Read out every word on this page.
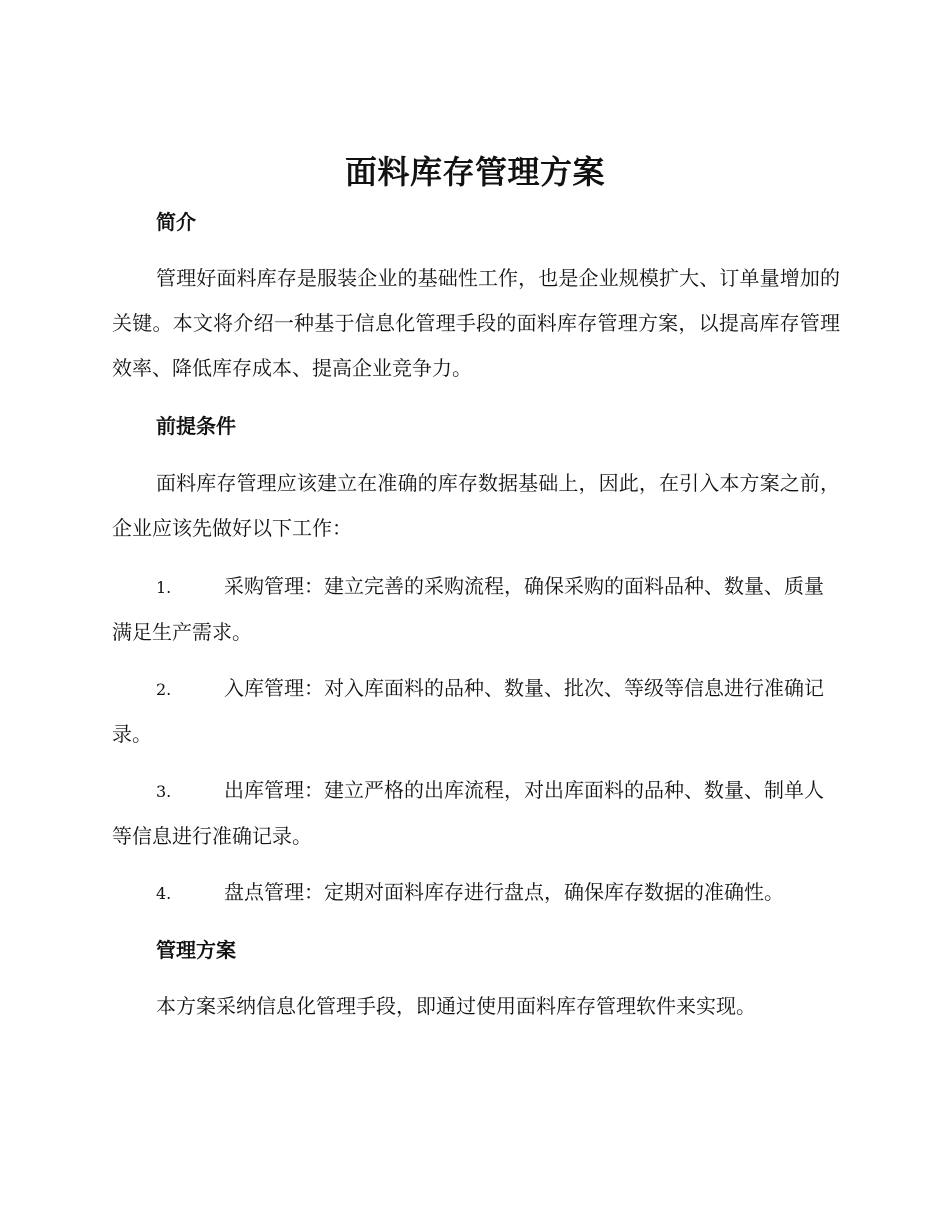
面料库存管理方案
简介

管理好面料库存是服装企业的基础性工作，也是企业规模扩大、订单量增加的关键。本文将介绍一种基于信息化管理手段的面料库存管理方案，以提高库存管理效率、降低库存成本、提高企业竞争力。

前提条件

面料库存管理应该建立在准确的库存数据基础上，因此，在引入本方案之前，企业应该先做好以下工作：

1.	采购管理：建立完善的采购流程，确保采购的面料品种、数量、质量满足生产需求。

2.	入库管理：对入库面料的品种、数量、批次、等级等信息进行准确记录。

3.	出库管理：建立严格的出库流程，对出库面料的品种、数量、制单人等信息进行准确记录。

4.	盘点管理：定期对面料库存进行盘点，确保库存数据的准确性。

管理方案

本方案采纳信息化管理手段，即通过使用面料库存管理软件来实现。
